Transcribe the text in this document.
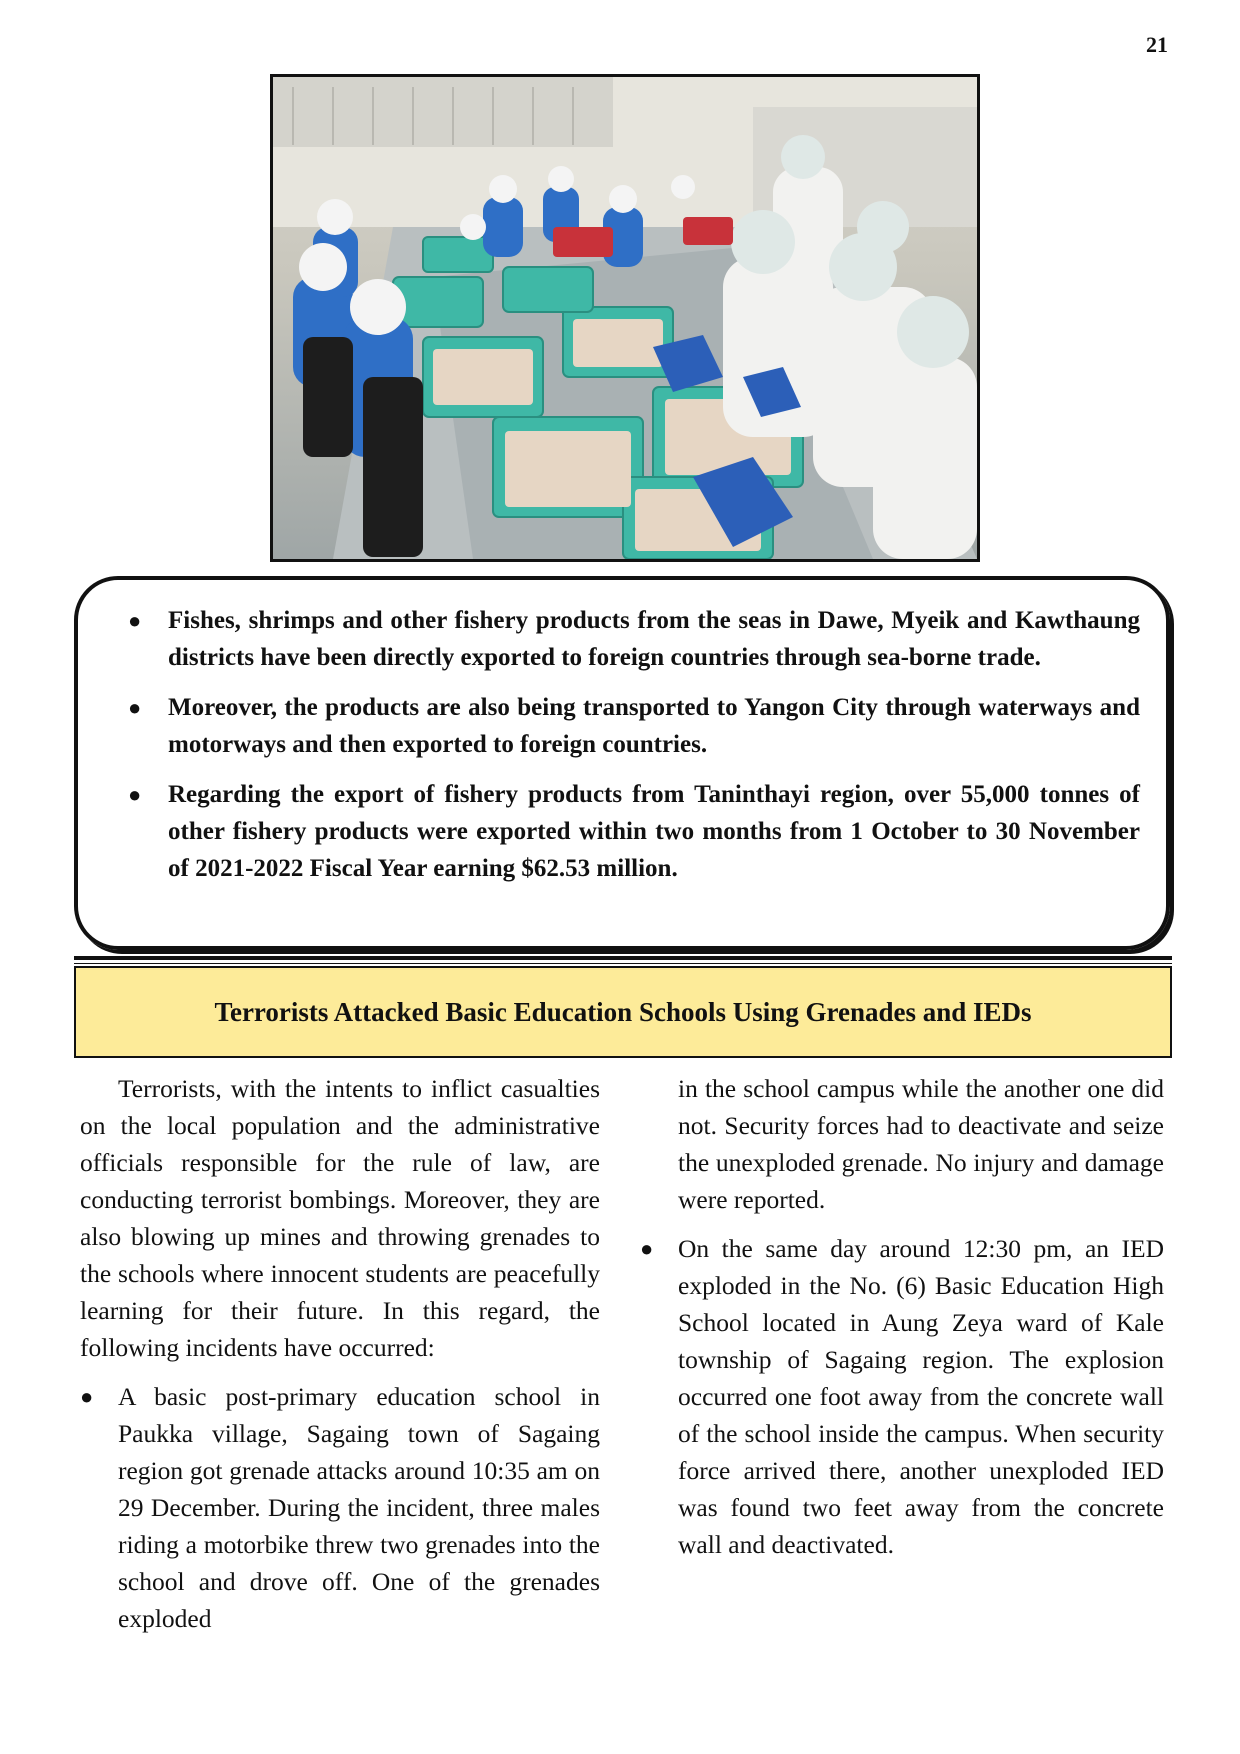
21
● Fishes, shrimps and other fishery products from the seas in Dawe, Myeik and Kawthaung districts have been directly exported to foreign countries through sea-borne trade.
● Moreover, the products are also being transported to Yangon City through waterways and motorways and then exported to foreign countries.
● Regarding the export of fishery products from Taninthayi region, over 55,000 tonnes of other fishery products were exported within two months from 1 October to 30 November of 2021-2022 Fiscal Year earning $62.53 million.
Terrorists Attacked Basic Education Schools Using Grenades and IEDs

Terrorists, with the intents to inflict casualties on the local population and the administrative officials responsible for the rule of law, are conducting terrorist bombings. Moreover, they are also blowing up mines and throwing grenades to the schools where innocent students are peacefully learning for their future. In this regard, the following incidents have occurred:

● A basic post-primary education school in Paukka village, Sagaing town of Sagaing region got grenade attacks around 10:35 am on 29 December. During the incident, three males riding a motorbike threw two grenades into the school and drove off. One of the grenades exploded

in the school campus while the another one did not. Security forces had to deactivate and seize the unexploded grenade. No injury and damage were reported.

● On the same day around 12:30 pm, an IED exploded in the No. (6) Basic Education High School located in Aung Zeya ward of Kale township of Sagaing region. The explosion occurred one foot away from the concrete wall of the school inside the campus. When security force arrived there, another unexploded IED was found two feet away from the concrete wall and deactivated.
